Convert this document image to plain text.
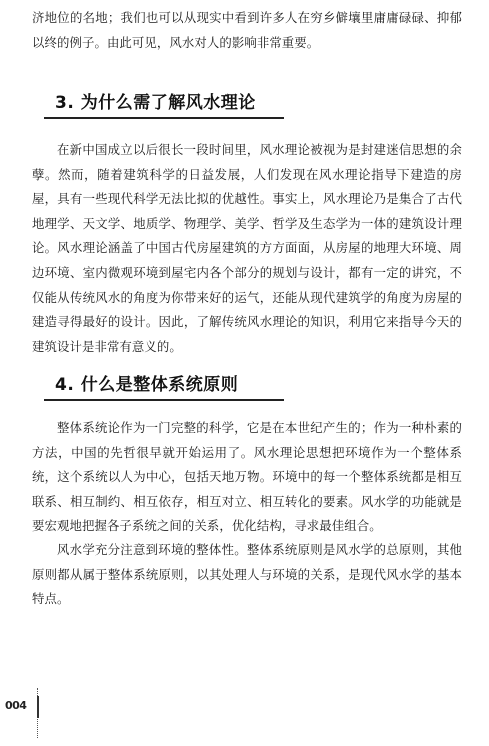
济地位的名地；我们也可以从现实中看到许多人在穷乡僻壤里庸庸碌碌、抑郁以终的例子。由此可见，风水对人的影响非常重要。

3. 为什么需了解风水理论

在新中国成立以后很长一段时间里，风水理论被视为是封建迷信思想的余孽。然而，随着建筑科学的日益发展，人们发现在风水理论指导下建造的房屋，具有一些现代科学无法比拟的优越性。事实上，风水理论乃是集合了古代地理学、天文学、地质学、物理学、美学、哲学及生态学为一体的建筑设计理论。风水理论涵盖了中国古代房屋建筑的方方面面，从房屋的地理大环境、周边环境、室内微观环境到屋宅内各个部分的规划与设计，都有一定的讲究，不仅能从传统风水的角度为你带来好的运气，还能从现代建筑学的角度为房屋的建造寻得最好的设计。因此，了解传统风水理论的知识，利用它来指导今天的建筑设计是非常有意义的。

4. 什么是整体系统原则

整体系统论作为一门完整的科学，它是在本世纪产生的；作为一种朴素的方法，中国的先哲很早就开始运用了。风水理论思想把环境作为一个整体系统，这个系统以人为中心，包括天地万物。环境中的每一个整体系统都是相互联系、相互制约、相互依存，相互对立、相互转化的要素。风水学的功能就是要宏观地把握各子系统之间的关系，优化结构，寻求最佳组合。

风水学充分注意到环境的整体性。整体系统原则是风水学的总原则，其他原则都从属于整体系统原则，以其处理人与环境的关系，是现代风水学的基本特点。

004
